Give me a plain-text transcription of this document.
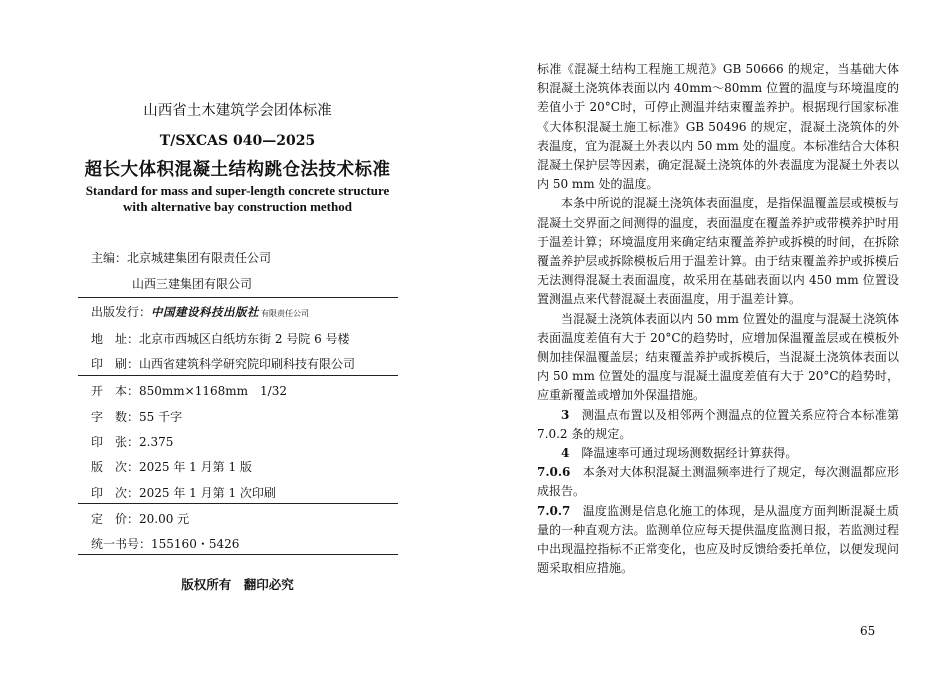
山西省土木建筑学会团体标准
T/SXCAS 040—2025
超长大体积混凝土结构跳仓法技术标准
Standard for mass and super-length concrete structure
with alternative bay construction method
主编：北京城建集团有限责任公司
山西三建集团有限公司
出版发行：中国建设科技出版社 有限责任公司
地　址：北京市西城区白纸坊东街 2 号院 6 号楼
印　刷：山西省建筑科学研究院印刷科技有限公司
开　本：850mm×1168mm　1/32
字　数：55 千字
印　张：2.375
版　次：2025 年 1 月第 1 版
印　次：2025 年 1 月第 1 次印刷
定　价：20.00 元
统一书号：155160・5426
版权所有　翻印必究

标准《混凝土结构工程施工规范》GB 50666 的规定，当基础大体积混凝土浇筑体表面以内 40mm～80mm 位置的温度与环境温度的差值小于 20°C时，可停止测温并结束覆盖养护。根据现行国家标准《大体积混凝土施工标准》GB 50496 的规定，混凝土浇筑体的外表温度，宜为混凝土外表以内 50 mm 处的温度。本标准结合大体积混凝土保护层等因素，确定混凝土浇筑体的外表温度为混凝土外表以内 50 mm 处的温度。

本条中所说的混凝土浇筑体表面温度，是指保温覆盖层或模板与混凝土交界面之间测得的温度，表面温度在覆盖养护或带模养护时用于温差计算；环境温度用来确定结束覆盖养护或拆模的时间，在拆除覆盖养护层或拆除模板后用于温差计算。由于结束覆盖养护或拆模后无法测得混凝土表面温度，故采用在基础表面以内 450 mm 位置设置测温点来代替混凝土表面温度，用于温差计算。

当混凝土浇筑体表面以内 50 mm 位置处的温度与混凝土浇筑体表面温度差值有大于 20°C的趋势时，应增加保温覆盖层或在模板外侧加挂保温覆盖层；结束覆盖养护或拆模后，当混凝土浇筑体表面以内 50 mm 位置处的温度与混凝土温度差值有大于 20°C的趋势时，应重新覆盖或增加外保温措施。

3　 测温点布置以及相邻两个测温点的位置关系应符合本标准第 7.0.2 条的规定。

4　 降温速率可通过现场测数据经计算获得。

7.0.6　 本条对大体积混凝土测温频率进行了规定，每次测温都应形成报告。

7.0.7　 温度监测是信息化施工的体现，是从温度方面判断混凝土质量的一种直观方法。监测单位应每天提供温度监测日报，若监测过程中出现温控指标不正常变化，也应及时反馈给委托单位，以便发现问题采取相应措施。

65
